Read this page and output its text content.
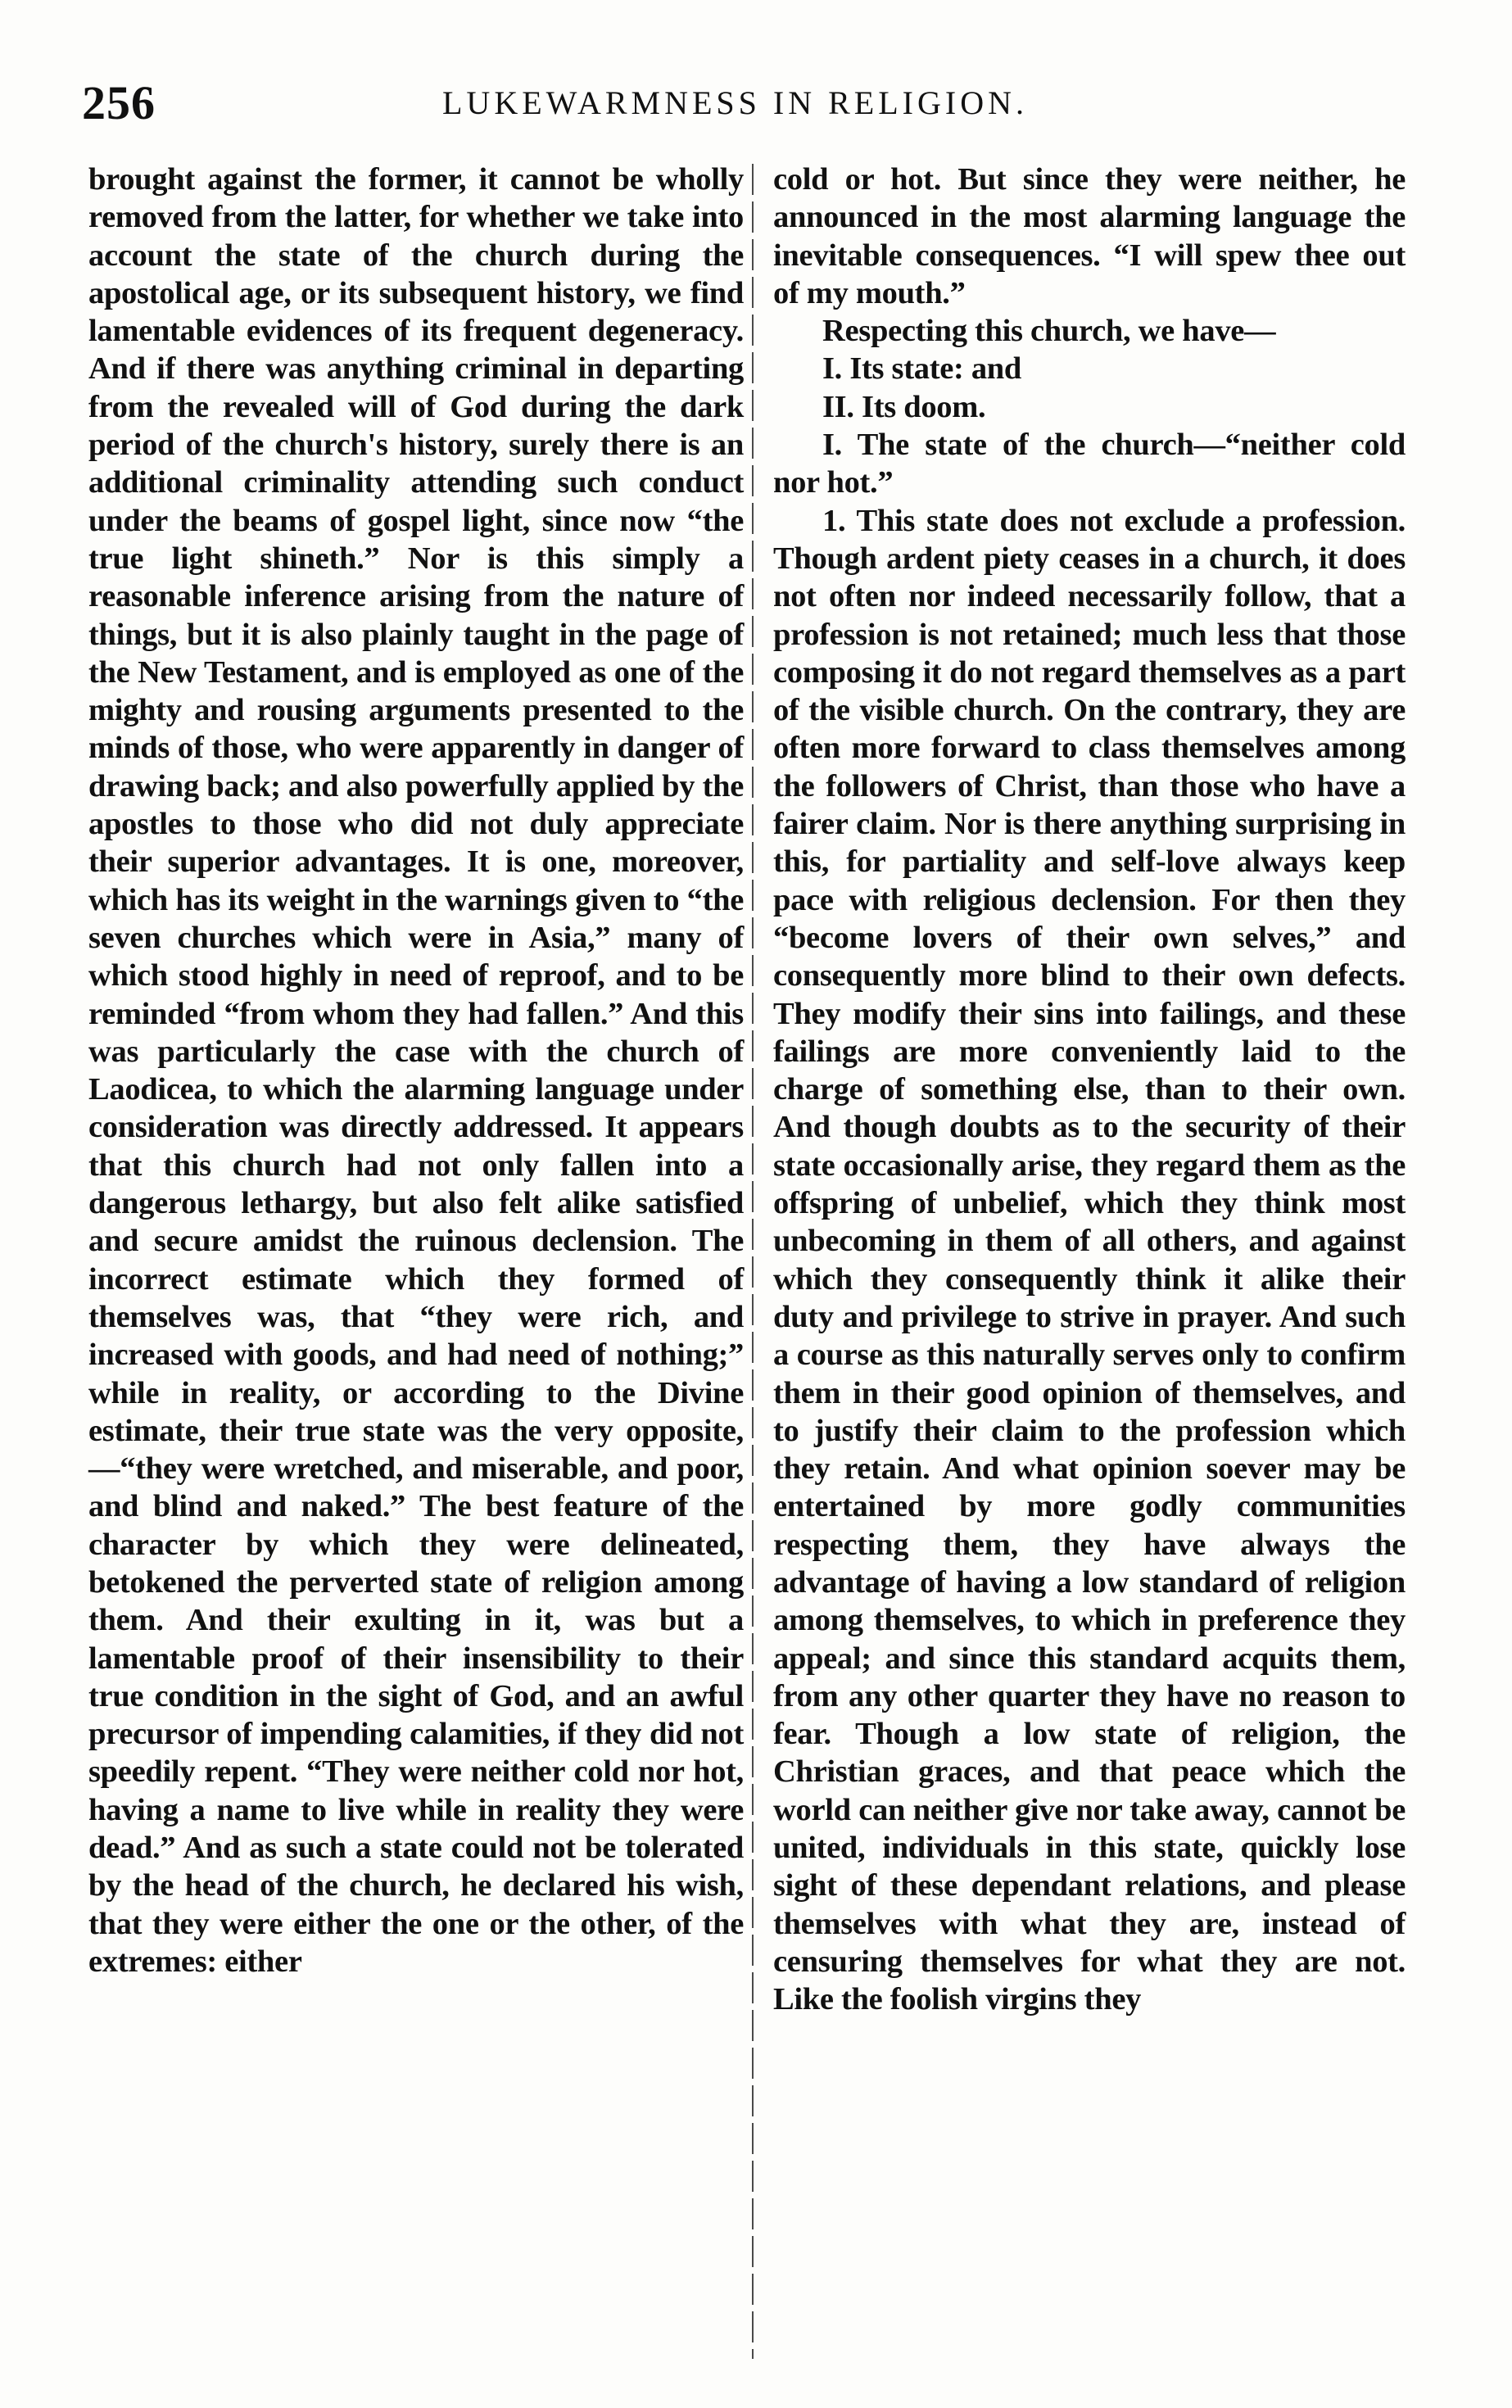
256	LUKEWARMNESS IN RELIGION.

brought against the former, it cannot be wholly removed from the latter, for whether we take into account the state of the church during the apostolical age, or its subsequent history, we find lamentable evidences of its frequent degeneracy. And if there was anything criminal in departing from the revealed will of God during the dark period of the church's history, surely there is an additional criminality attending such conduct under the beams of gospel light, since now “the true light shineth.” Nor is this simply a reasonable inference arising from the nature of things, but it is also plainly taught in the page of the New Testament, and is employed as one of the mighty and rousing arguments presented to the minds of those, who were apparently in danger of drawing back; and also powerfully applied by the apostles to those who did not duly appreciate their superior advantages. It is one, moreover, which has its weight in the warnings given to “the seven churches which were in Asia,” many of which stood highly in need of reproof, and to be reminded “from whom they had fallen.” And this was particularly the case with the church of Laodicea, to which the alarming language under consideration was directly addressed. It appears that this church had not only fallen into a dangerous lethargy, but also felt alike satisfied and secure amidst the ruinous declension. The incorrect estimate which they formed of themselves was, that “they were rich, and increased with goods, and had need of nothing;” while in reality, or according to the Divine estimate, their true state was the very opposite,—“they were wretched, and miserable, and poor, and blind and naked.” The best feature of the character by which they were delineated, betokened the perverted state of religion among them. And their exulting in it, was but a lamentable proof of their insensibility to their true condition in the sight of God, and an awful precursor of impending calamities, if they did not speedily repent. “They were neither cold nor hot, having a name to live while in reality they were dead.” And as such a state could not be tolerated by the head of the church, he declared his wish, that they were either the one or the other, of the extremes: either

cold or hot. But since they were neither, he announced in the most alarming language the inevitable consequences. “I will spew thee out of my mouth.”

Respecting this church, we have—

I. Its state: and

II. Its doom.

I. The state of the church—“neither cold nor hot.”

1. This state does not exclude a profession. Though ardent piety ceases in a church, it does not often nor indeed necessarily follow, that a profession is not retained; much less that those composing it do not regard themselves as a part of the visible church. On the contrary, they are often more forward to class themselves among the followers of Christ, than those who have a fairer claim. Nor is there anything surprising in this, for partiality and self-love always keep pace with religious declension. For then they “become lovers of their own selves,” and consequently more blind to their own defects. They modify their sins into failings, and these failings are more conveniently laid to the charge of something else, than to their own. And though doubts as to the security of their state occasionally arise, they regard them as the offspring of unbelief, which they think most unbecoming in them of all others, and against which they consequently think it alike their duty and privilege to strive in prayer. And such a course as this naturally serves only to confirm them in their good opinion of themselves, and to justify their claim to the profession which they retain. And what opinion soever may be entertained by more godly communities respecting them, they have always the advantage of having a low standard of religion among themselves, to which in preference they appeal; and since this standard acquits them, from any other quarter they have no reason to fear. Though a low state of religion, the Christian graces, and that peace which the world can neither give nor take away, cannot be united, individuals in this state, quickly lose sight of these dependant relations, and please themselves with what they are, instead of censuring themselves for what they are not. Like the foolish virgins they
